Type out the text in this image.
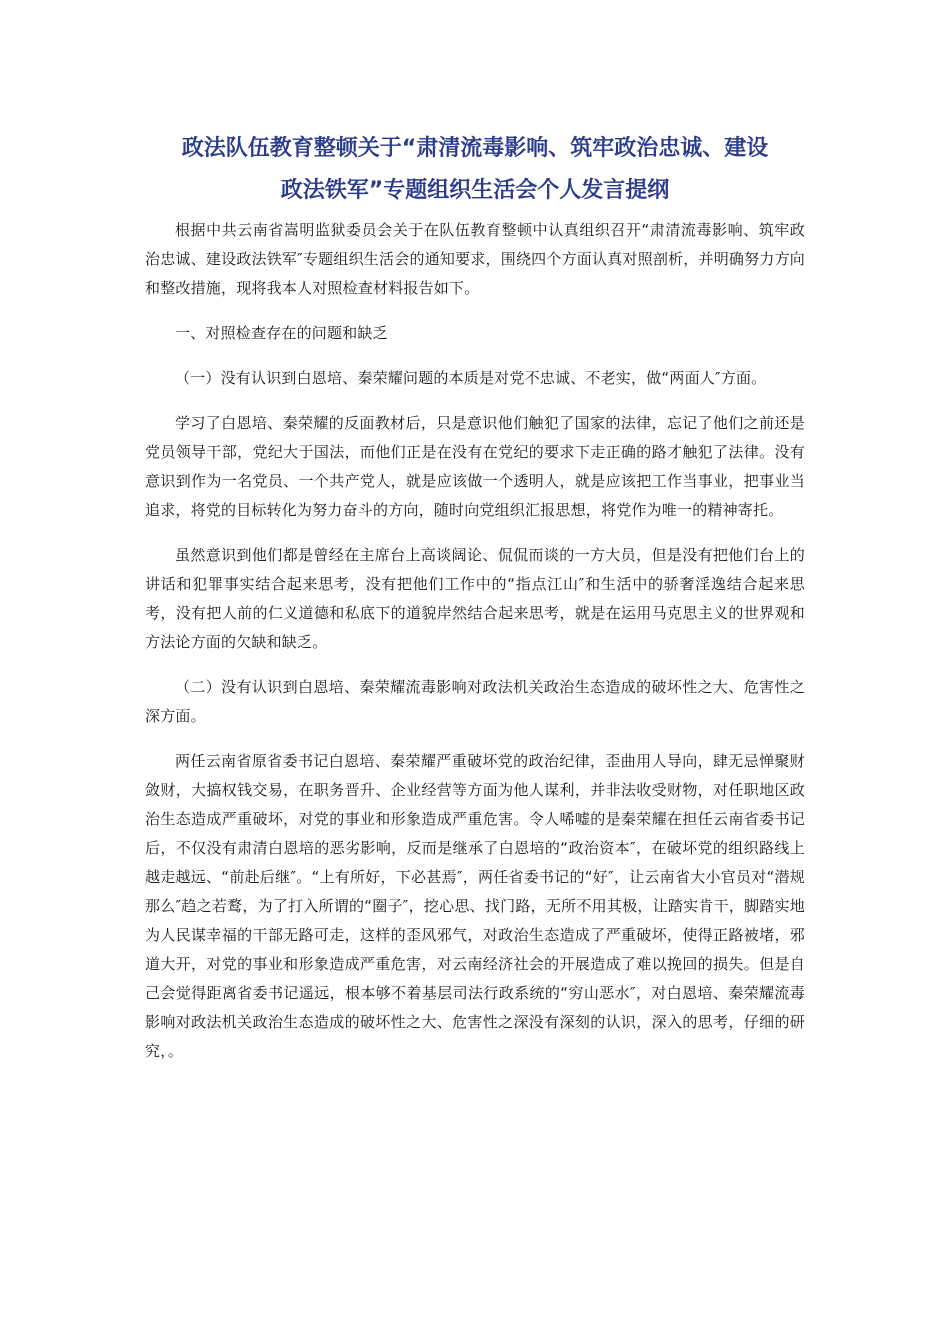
政法队伍教育整顿关于“肃清流毒影响、筑牢政治忠诚、建设
政法铁军”专题组织生活会个人发言提纲

根据中共云南省嵩明监狱委员会关于在队伍教育整顿中认真组织召开“肃清流毒影响、筑牢政治忠诚、建设政法铁军″专题组织生活会的通知要求，围绕四个方面认真对照剖析，并明确努力方向和整改措施，现将我本人对照检查材料报告如下。

一、对照检查存在的问题和缺乏

（一）没有认识到白恩培、秦荣耀问题的本质是对党不忠诚、不老实，做“两面人″方面。

学习了白恩培、秦荣耀的反面教材后，只是意识他们触犯了国家的法律，忘记了他们之前还是党员领导干部，党纪大于国法，而他们正是在没有在党纪的要求下走正确的路才触犯了法律。没有意识到作为一名党员、一个共产党人，就是应该做一个透明人，就是应该把工作当事业，把事业当追求，将党的目标转化为努力奋斗的方向，随时向党组织汇报思想，将党作为唯一的精神寄托。

虽然意识到他们都是曾经在主席台上高谈阔论、侃侃而谈的一方大员，但是没有把他们台上的讲话和犯罪事实结合起来思考，没有把他们工作中的“指点江山″和生活中的骄奢淫逸结合起来思考，没有把人前的仁义道德和私底下的道貌岸然结合起来思考，就是在运用马克思主义的世界观和方法论方面的欠缺和缺乏。

（二）没有认识到白恩培、秦荣耀流毒影响对政法机关政治生态造成的破坏性之大、危害性之深方面。

两任云南省原省委书记白恩培、秦荣耀严重破坏党的政治纪律，歪曲用人导向，肆无忌惮聚财敛财，大搞权钱交易，在职务晋升、企业经营等方面为他人谋利，并非法收受财物，对任职地区政治生态造成严重破坏，对党的事业和形象造成严重危害。令人唏嘘的是秦荣耀在担任云南省委书记后，不仅没有肃清白恩培的恶劣影响，反而是继承了白恩培的“政治资本″，在破坏党的组织路线上越走越远、“前赴后继″。“上有所好，下必甚焉″，两任省委书记的“好″，让云南省大小官员对“潜规那么″趋之若鹜，为了打入所谓的“圈子″，挖心思、找门路，无所不用其极，让踏实肯干，脚踏实地为人民谋幸福的干部无路可走，这样的歪风邪气，对政治生态造成了严重破坏，使得正路被堵，邪道大开，对党的事业和形象造成严重危害，对云南经济社会的开展造成了难以挽回的损失。但是自己会觉得距离省委书记遥远，根本够不着基层司法行政系统的“穷山恶水″，对白恩培、秦荣耀流毒影响对政法机关政治生态造成的破坏性之大、危害性之深没有深刻的认识，深入的思考，仔细的研究，。
